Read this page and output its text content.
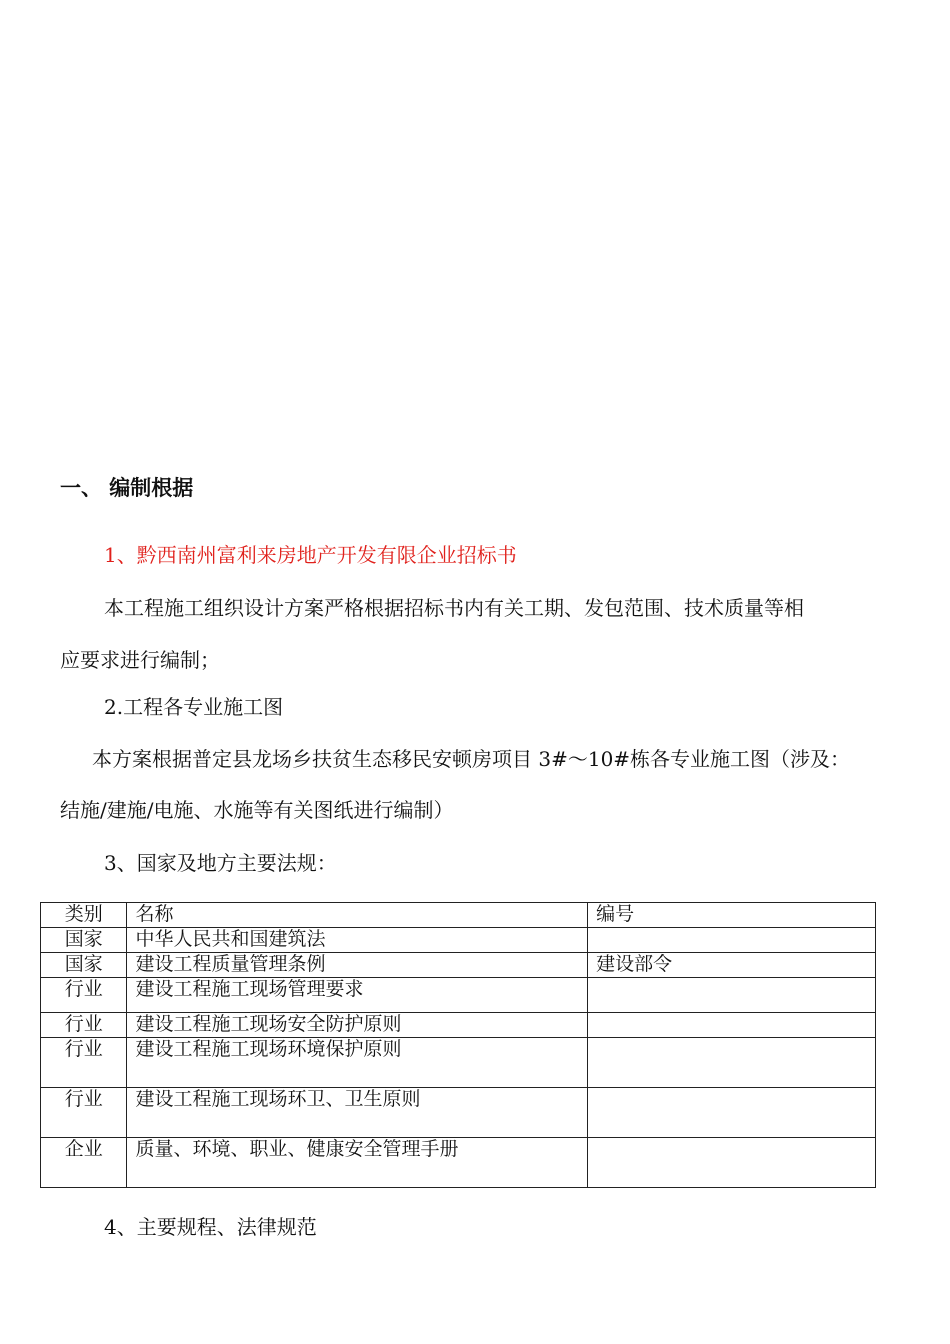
一、 编制根据
1、黔西南州富利来房地产开发有限企业招标书
本工程施工组织设计方案严格根据招标书内有关工期、发包范围、技术质量等相
应要求进行编制；
2.工程各专业施工图
本方案根据普定县龙场乡扶贫生态移民安顿房项目 3#～10#栋各专业施工图（涉及：
结施/建施/电施、水施等有关图纸进行编制）
3、国家及地方主要法规：
类别	名称	编号
国家	中华人民共和国建筑法	
国家	建设工程质量管理条例	建设部令
行业	建设工程施工现场管理要求	
行业	建设工程施工现场安全防护原则	
行业	建设工程施工现场环境保护原则	
行业	建设工程施工现场环卫、卫生原则	
企业	质量、环境、职业、健康安全管理手册	
4、主要规程、法律规范
